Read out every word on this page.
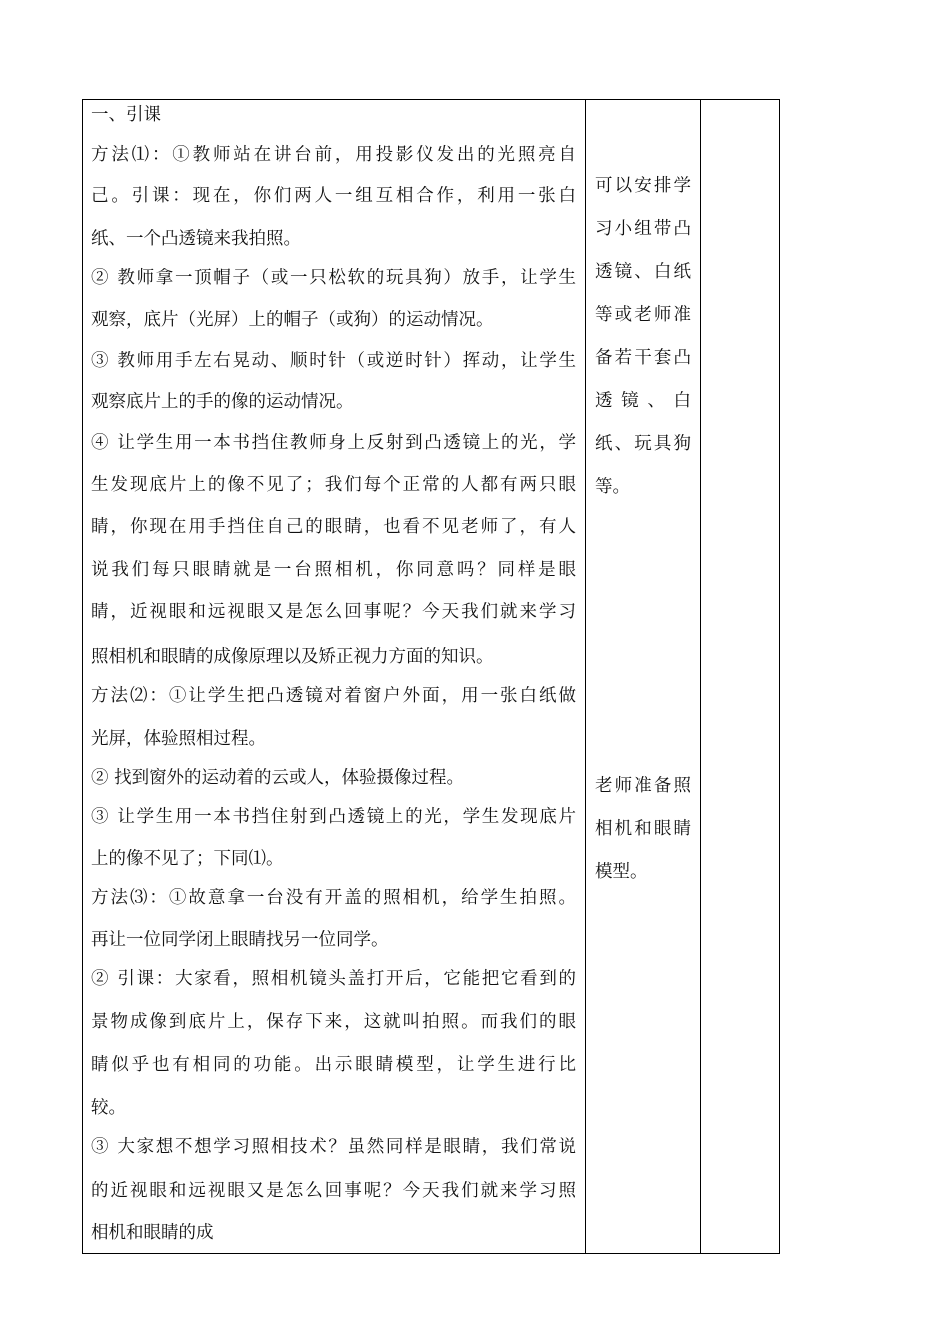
一、引课
方法⑴：①教师站在讲台前，用投影仪发出的光照亮自
己。引课：现在，你们两人一组互相合作，利用一张白
纸、一个凸透镜来我拍照。
② 教师拿一顶帽子（或一只松软的玩具狗）放手，让学生
观察，底片（光屏）上的帽子（或狗）的运动情况。
③ 教师用手左右晃动、顺时针（或逆时针）挥动，让学生
观察底片上的手的像的运动情况。
④ 让学生用一本书挡住教师身上反射到凸透镜上的光，学
生发现底片上的像不见了；我们每个正常的人都有两只眼
睛，你现在用手挡住自己的眼睛，也看不见老师了，有人
说我们每只眼睛就是一台照相机，你同意吗？同样是眼
睛，近视眼和远视眼又是怎么回事呢？今天我们就来学习
照相机和眼睛的成像原理以及矫正视力方面的知识。
方法⑵：①让学生把凸透镜对着窗户外面，用一张白纸做
光屏，体验照相过程。
② 找到窗外的运动着的云或人，体验摄像过程。
③ 让学生用一本书挡住射到凸透镜上的光，学生发现底片
上的像不见了；下同⑴。
方法⑶：①故意拿一台没有开盖的照相机，给学生拍照。
再让一位同学闭上眼睛找另一位同学。
② 引课：大家看，照相机镜头盖打开后，它能把它看到的
景物成像到底片上，保存下来，这就叫拍照。而我们的眼
睛似乎也有相同的功能。出示眼睛模型，让学生进行比
较。
③ 大家想不想学习照相技术？虽然同样是眼睛，我们常说
的近视眼和远视眼又是怎么回事呢？今天我们就来学习照
相机和眼睛的成
可以安排学
习小组带凸
透镜、白纸
等或老师准
备若干套凸
透 镜 、 白
纸、玩具狗
等。
老师准备照
相机和眼睛
模型。
